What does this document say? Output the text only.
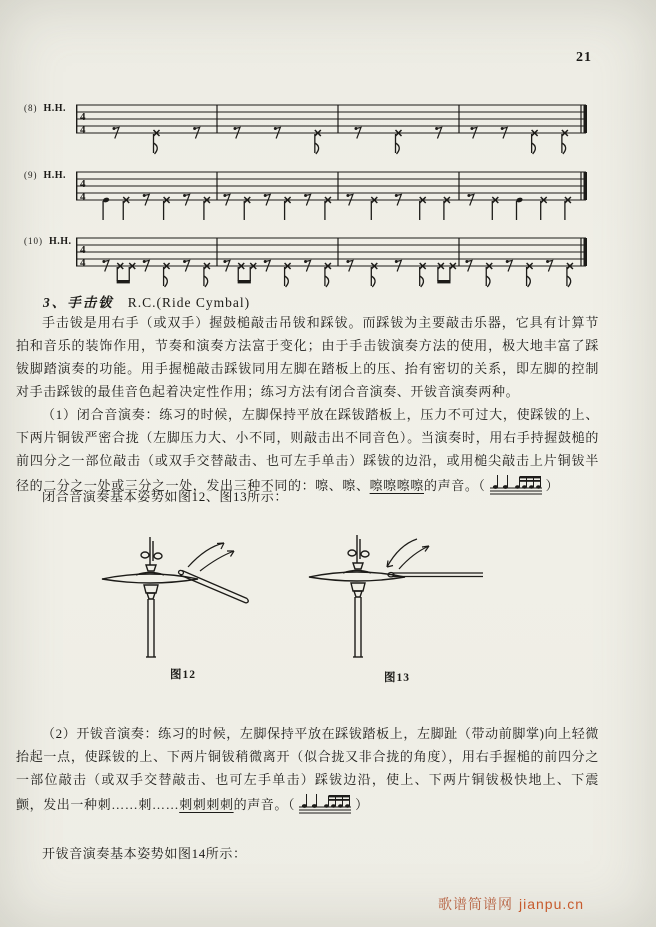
21
(8) H.H.
4
4
(9) H.H.
4
4
(10) H.H.
4
4
3、手击钹 R.C.(Ride Cymbal)

手击钹是用右手（或双手）握鼓槌敲击吊钹和踩钹。而踩钹为主要敲击乐器，它具有计算节拍和音乐的装饰作用，节奏和演奏方法富于变化；由于手击钹演奏方法的使用，极大地丰富了踩钹脚踏演奏的功能。用手握槌敲击踩钹同用左脚在踏板上的压、抬有密切的关系，即左脚的控制对手击踩钹的最佳音色起着决定性作用；练习方法有闭合音演奏、开钹音演奏两种。

（1）闭合音演奏：练习的时候，左脚保持平放在踩钹踏板上，压力不可过大，使踩钹的上、下两片铜钹严密合拢（左脚压力大、小不同，则敲击出不同音色）。当演奏时，用右手持握鼓槌的前四分之一部位敲击（或双手交替敲击、也可左手单击）踩钹的边沿，或用槌尖敲击上片铜钹半径的二分之一处或三分之一处，发出三种不同的：嚓、嚓、嚓嚓嚓嚓的声音。（	）

闭合音演奏基本姿势如图12、图13所示：
图12	图13

（2）开钹音演奏：练习的时候，左脚保持平放在踩钹踏板上，左脚趾（带动前脚掌)向上轻微抬起一点，使踩钹的上、下两片铜钹稍微离开（似合拢又非合拢的角度），用右手握槌的前四分之一部位敲击（或双手交替敲击、也可左手单击）踩钹边沿，使上、下两片铜钹极快地上、下震颤，发出一种刺……刺……刺刺刺刺的声音。（	）

开钹音演奏基本姿势如图14所示：
歌谱简谱网 jianpu.cn
